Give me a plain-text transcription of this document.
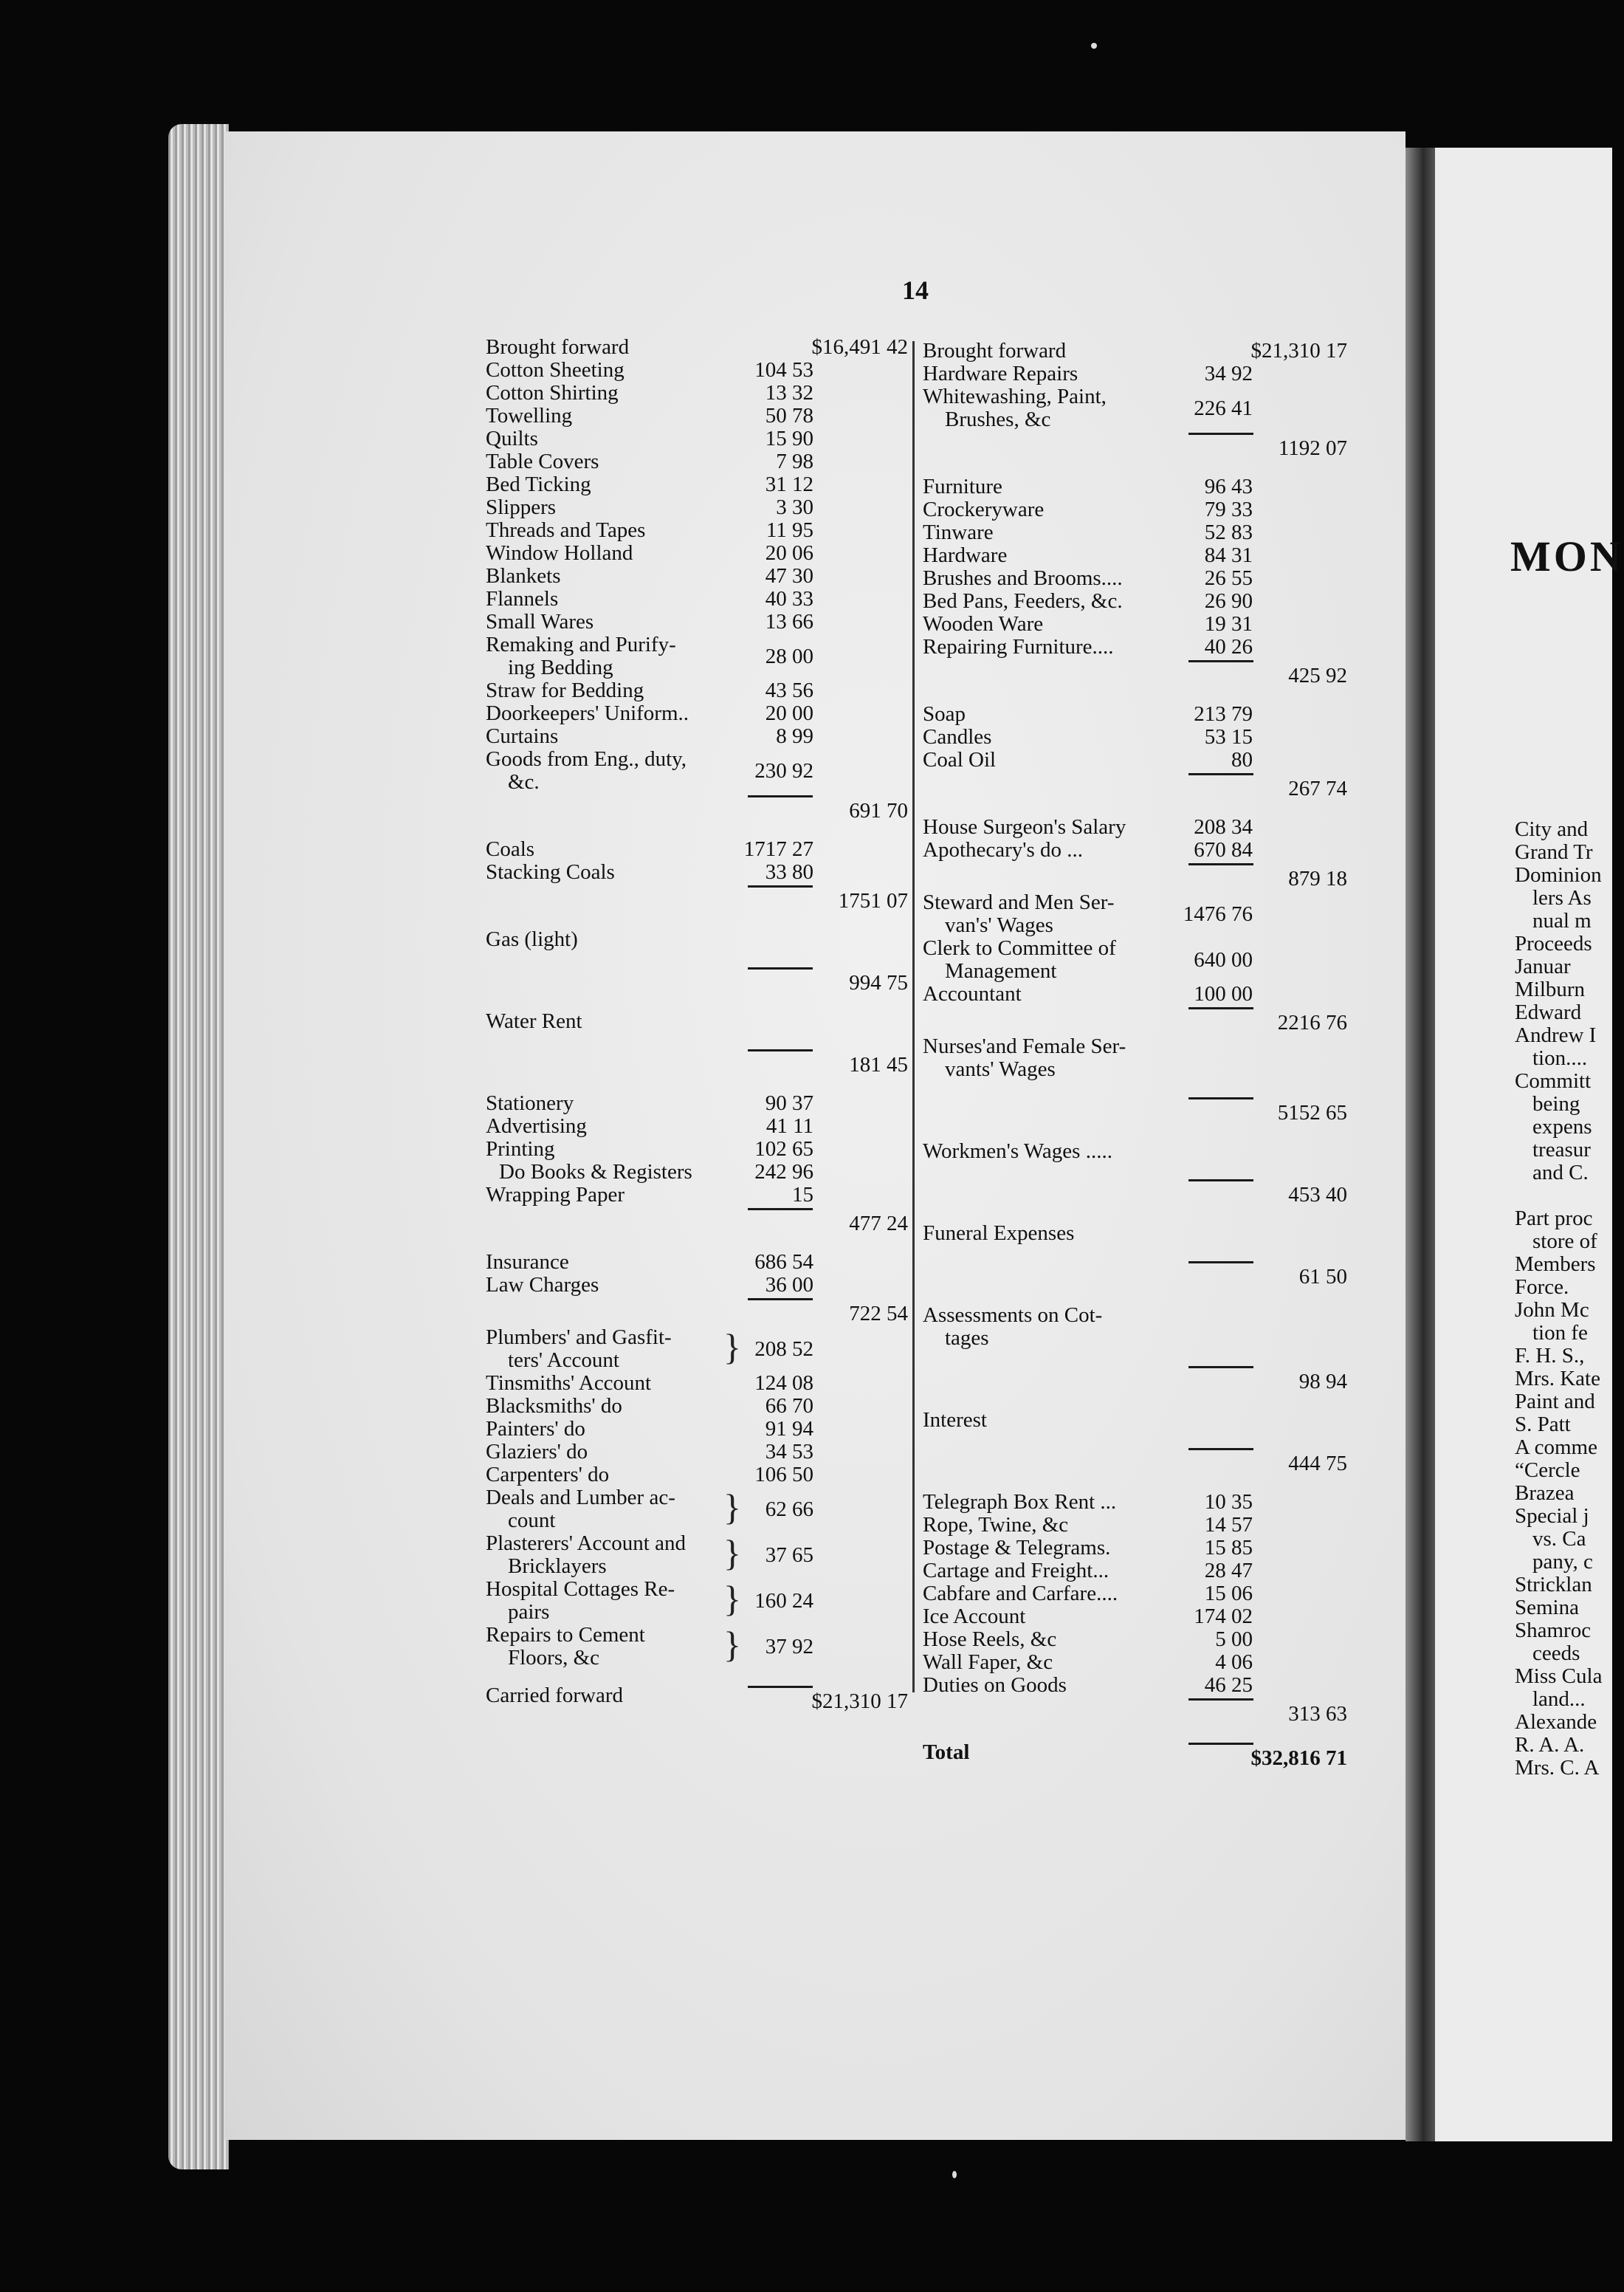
14
Brought forward	$16,491 42
Cotton Sheeting	104 53
Cotton Shirting	13 32
Towelling	50 78
Quilts	15 90
Table Covers	7 98
Bed Ticking	31 12
Slippers	3 30
Threads and Tapes	11 95
Window Holland	20 06
Blankets	47 30
Flannels	40 33
Small Wares	13 66
Remaking and Purify-
ing Bedding	28 00
Straw for Bedding	43 56
Doorkeepers' Uniform..	20 00
Curtains	8 99
Goods from Eng., duty,
&c.	230 92
691 70
Coals	1717 27
Stacking Coals	33 80
1751 07
Gas (light)
994 75
Water Rent
181 45
Stationery	90 37
Advertising	41 11
Printing	102 65
Do Books & Registers	242 96
Wrapping Paper	15
477 24
Insurance	686 54
Law Charges	36 00
722 54
Plumbers' and Gasfit-
ters' Account	} 208 52
Tinsmiths' Account	124 08
Blacksmiths' do	66 70
Painters' do	91 94
Glaziers' do	34 53
Carpenters' do	106 50
Deals and Lumber ac-
count	} 62 66
Plasterers' Account and
Bricklayers	} 37 65
Hospital Cottages Re-
pairs	} 160 24
Repairs to Cement
Floors, &c	} 37 92
Carried forward	$21,310 17
Brought forward	$21,310 17
Hardware Repairs	34 92
Whitewashing, Paint,
Brushes, &c	226 41
1192 07
Furniture	96 43
Crockeryware	79 33
Tinware	52 83
Hardware	84 31
Brushes and Brooms....	26 55
Bed Pans, Feeders, &c.	26 90
Wooden Ware	19 31
Repairing Furniture....	40 26
425 92
Soap	213 79
Candles	53 15
Coal Oil	80
267 74
House Surgeon's Salary	208 34
Apothecary's do ...	670 84
879 18
Steward and Men Ser-
van's' Wages	1476 76
Clerk to Committee of
Management	640 00
Accountant	100 00
2216 76
Nurses'and Female Ser-
vants' Wages
5152 65
Workmen's Wages .....
453 40
Funeral Expenses
61 50
Assessments on Cot-
tages
98 94
Interest
444 75
Telegraph Box Rent ...	10 35
Rope, Twine, &c	14 57
Postage & Telegrams.	15 85
Cartage and Freight...	28 47
Cabfare and Carfare....	15 06
Ice Account	174 02
Hose Reels, &c	5 00
Wall Faper, &c	4 06
Duties on Goods	46 25
313 63
Total	$32,816 71
MON
City and
Grand Tr
Dominion
lers As
nual m
Proceeds
Januar
Milburn
Edward
Andrew I
tion....
Committ
being
expens
treasur
and C.
Part proc
store of
Members
Force.
John Mc
tion fe
F. H. S.,
Mrs. Kate
Paint and
S. Patt
A comme
“Cercle
Brazea
Special j
vs. Ca
pany, c
Stricklan
Semina
Shamroc
ceeds
Miss Cula
land...
Alexande
R. A. A.
Mrs. C. A
